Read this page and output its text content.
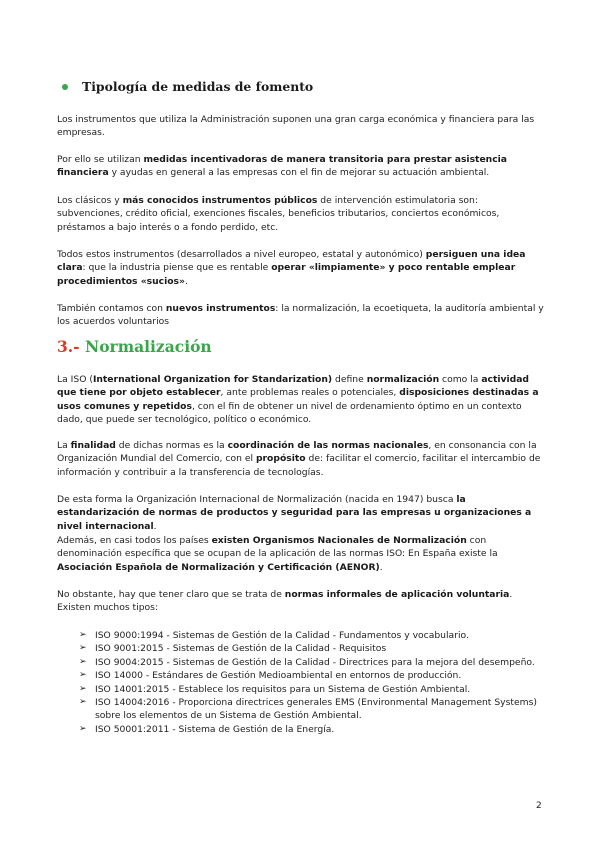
Tipología de medidas de fomento

Los instrumentos que utiliza la Administración suponen una gran carga económica y financiera para las empresas.

Por ello se utilizan medidas incentivadoras de manera transitoria para prestar asistencia financiera y ayudas en general a las empresas con el fin de mejorar su actuación ambiental.

Los clásicos y más conocidos instrumentos públicos de intervención estimulatoria son: subvenciones, crédito oficial, exenciones fiscales, beneficios tributarios, conciertos económicos, préstamos a bajo interés o a fondo perdido, etc.

Todos estos instrumentos (desarrollados a nivel europeo, estatal y autonómico) persiguen una idea clara: que la industria piense que es rentable operar «limpiamente» y poco rentable emplear procedimientos «sucios».

También contamos con nuevos instrumentos: la normalización, la ecoetiqueta, la auditoría ambiental y los acuerdos voluntarios

3.- Normalización

La ISO (International Organization for Standarization) define normalización como la actividad que tiene por objeto establecer, ante problemas reales o potenciales, disposiciones destinadas a usos comunes y repetidos, con el fin de obtener un nivel de ordenamiento óptimo en un contexto dado, que puede ser tecnológico, político o económico.

La finalidad de dichas normas es la coordinación de las normas nacionales, en consonancia con la Organización Mundial del Comercio, con el propósito de: facilitar el comercio, facilitar el intercambio de información y contribuir a la transferencia de tecnologías.

De esta forma la Organización Internacional de Normalización (nacida en 1947) busca la estandarización de normas de productos y seguridad para las empresas u organizaciones a nivel internacional.

Además, en casi todos los países existen Organismos Nacionales de Normalización con denominación específica que se ocupan de la aplicación de las normas ISO: En España existe la Asociación Española de Normalización y Certificación (AENOR).

No obstante, hay que tener claro que se trata de normas informales de aplicación voluntaria. Existen muchos tipos:

➢ ISO 9000:1994 - Sistemas de Gestión de la Calidad - Fundamentos y vocabulario.
➢ ISO 9001:2015 - Sistemas de Gestión de la Calidad - Requisitos
➢ ISO 9004:2015 - Sistemas de Gestión de la Calidad - Directrices para la mejora del desempeño.
➢ ISO 14000 - Estándares de Gestión Medioambiental en entornos de producción.
➢ ISO 14001:2015 - Establece los requisitos para un Sistema de Gestión Ambiental.
➢ ISO 14004:2016 - Proporciona directrices generales EMS (Environmental Management Systems) sobre los elementos de un Sistema de Gestión Ambiental.
➢ ISO 50001:2011 - Sistema de Gestión de la Energía.
2
